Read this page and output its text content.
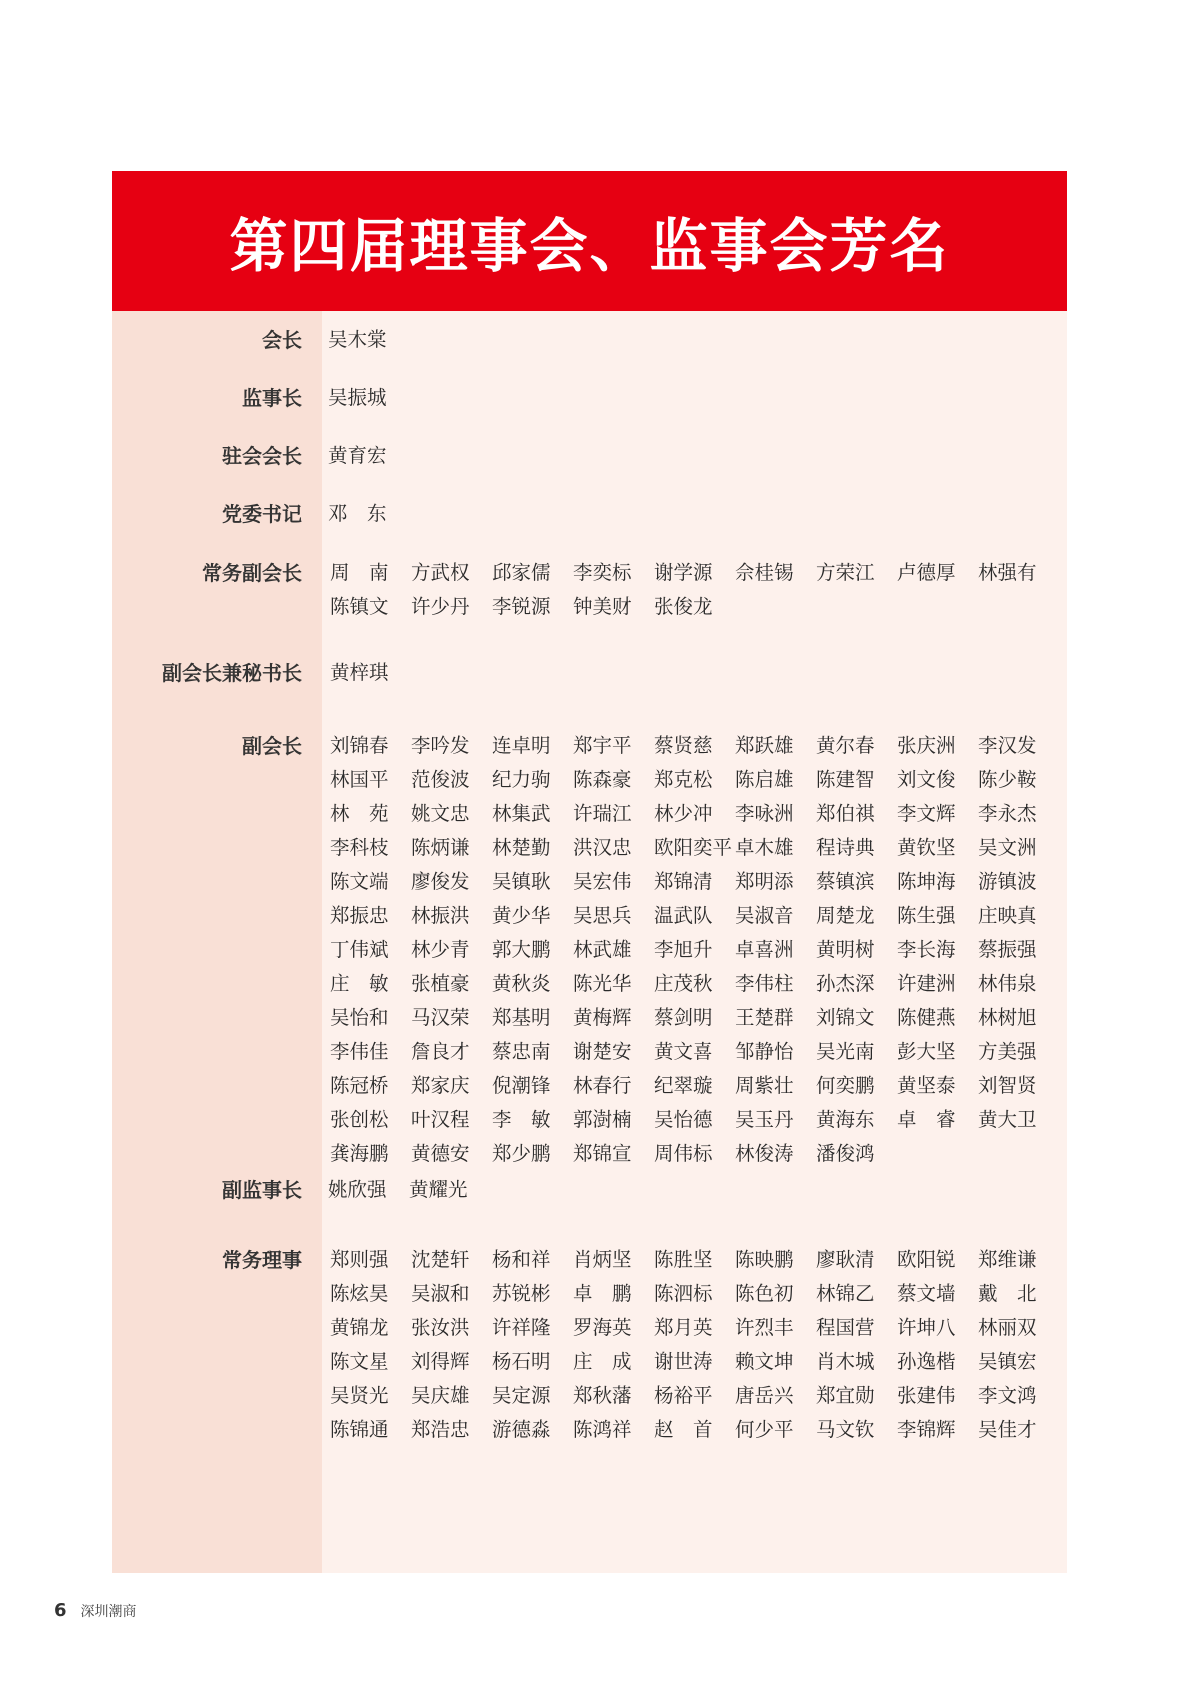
第四届理事会、监事会芳名
会长 吴木棠
监事长 吴振城
驻会会长 黄育宏
党委书记 邓　东
常务副会长 周　南	方武权	邱家儒	李奕标	谢学源	佘桂锡	方荣江	卢德厚	林强有
陈镇文	许少丹	李锐源	钟美财	张俊龙
副会长兼秘书长 黄梓琪
副会长 刘锦春	李吟发	连卓明	郑宇平	蔡贤慈	郑跃雄	黄尔春	张庆洲	李汉发
林国平	范俊波	纪力驹	陈森豪	郑克松	陈启雄	陈建智	刘文俊	陈少鞍
林　苑	姚文忠	林集武	许瑞江	林少冲	李咏洲	郑伯祺	李文辉	李永杰
李科枝	陈炳谦	林楚勤	洪汉忠	欧阳奕平 卓木雄	程诗典	黄钦坚	吴文洲
陈文端	廖俊发	吴镇耿	吴宏伟	郑锦清	郑明添	蔡镇滨	陈坤海	游镇波
郑振忠	林振洪	黄少华	吴思兵	温武队	吴淑音	周楚龙	陈生强	庄映真
丁伟斌	林少青	郭大鹏	林武雄	李旭升	卓喜洲	黄明树	李长海	蔡振强
庄　敏	张植豪	黄秋炎	陈光华	庄茂秋	李伟柱	孙杰深	许建洲	林伟泉
吴怡和	马汉荣	郑基明	黄梅辉	蔡剑明	王楚群	刘锦文	陈健燕	林树旭
李伟佳	詹良才	蔡忠南	谢楚安	黄文喜	邹静怡	吴光南	彭大坚	方美强
陈冠桥	郑家庆	倪潮锋	林春行	纪翠璇	周紫壮	何奕鹏	黄坚泰	刘智贤
张创松	叶汉程	李　敏	郭澍楠	吴怡德	吴玉丹	黄海东	卓　睿	黄大卫
龚海鹏	黄德安	郑少鹏	郑锦宣	周伟标	林俊涛	潘俊鸿
副监事长 姚欣强	黄耀光
常务理事 郑则强	沈楚轩	杨和祥	肖炳坚	陈胜坚	陈映鹏	廖耿清	欧阳锐	郑维谦
陈炫昊	吴淑和	苏锐彬	卓　鹏	陈泗标	陈色初	林锦乙	蔡文墙	戴　北
黄锦龙	张汝洪	许祥隆	罗海英	郑月英	许烈丰	程国营	许坤八	林丽双
陈文星	刘得辉	杨石明	庄　成	谢世涛	赖文坤	肖木城	孙逸楷	吴镇宏
吴贤光	吴庆雄	吴定源	郑秋藩	杨裕平	唐岳兴	郑宜勋	张建伟	李文鸿
陈锦通	郑浩忠	游德淼	陈鸿祥	赵　首	何少平	马文钦	李锦辉	吴佳才
6 深圳潮商
